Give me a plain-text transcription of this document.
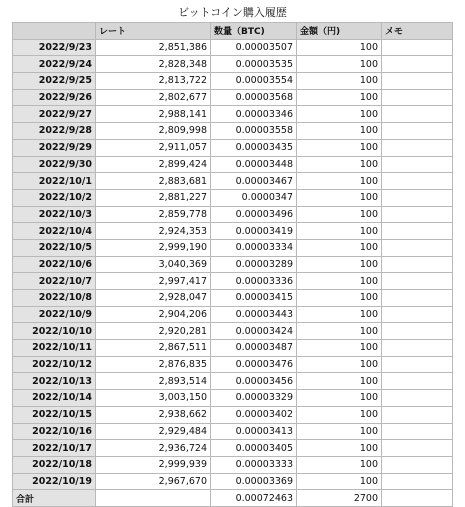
ビットコイン購入履歴
	レート	数量（BTC)	金額（円)	メモ
2022/9/23	2,851,386	0.00003507	100	
2022/9/24	2,828,348	0.00003535	100	
2022/9/25	2,813,722	0.00003554	100	
2022/9/26	2,802,677	0.00003568	100	
2022/9/27	2,988,141	0.00003346	100	
2022/9/28	2,809,998	0.00003558	100	
2022/9/29	2,911,057	0.00003435	100	
2022/9/30	2,899,424	0.00003448	100	
2022/10/1	2,883,681	0.00003467	100	
2022/10/2	2,881,227	0.0000347	100	
2022/10/3	2,859,778	0.00003496	100	
2022/10/4	2,924,353	0.00003419	100	
2022/10/5	2,999,190	0.00003334	100	
2022/10/6	3,040,369	0.00003289	100	
2022/10/7	2,997,417	0.00003336	100	
2022/10/8	2,928,047	0.00003415	100	
2022/10/9	2,904,206	0.00003443	100	
2022/10/10	2,920,281	0.00003424	100	
2022/10/11	2,867,511	0.00003487	100	
2022/10/12	2,876,835	0.00003476	100	
2022/10/13	2,893,514	0.00003456	100	
2022/10/14	3,003,150	0.00003329	100	
2022/10/15	2,938,662	0.00003402	100	
2022/10/16	2,929,484	0.00003413	100	
2022/10/17	2,936,724	0.00003405	100	
2022/10/18	2,999,939	0.00003333	100	
2022/10/19	2,967,670	0.00003369	100	
合計		0.00072463	2700	
